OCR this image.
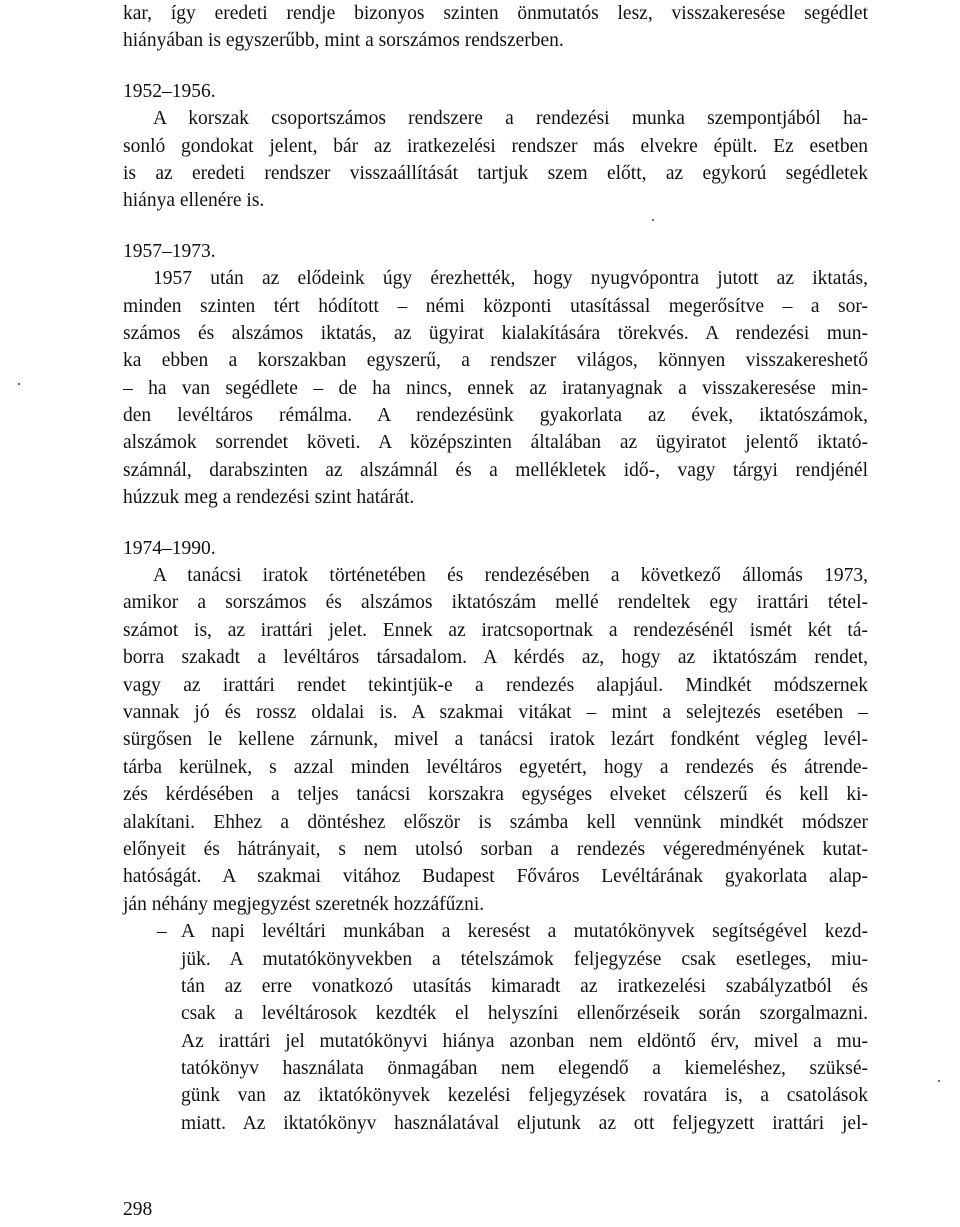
kar, így eredeti rendje bizonyos szinten önmutatós lesz, visszakeresése segédlet
hiányában is egyszerűbb, mint a sorszámos rendszerben.
1952–1956.
A korszak csoportszámos rendszere a rendezési munka szempontjából ha-
sonló gondokat jelent, bár az iratkezelési rendszer más elvekre épült. Ez esetben
is az eredeti rendszer visszaállítását tartjuk szem előtt, az egykorú segédletek
hiánya ellenére is.
1957–1973.
1957 után az elődeink úgy érezhették, hogy nyugvópontra jutott az iktatás,
minden szinten tért hódított – némi központi utasítással megerősítve – a sor-
számos és alszámos iktatás, az ügyirat kialakítására törekvés. A rendezési mun-
ka ebben a korszakban egyszerű, a rendszer világos, könnyen visszakereshető
– ha van segédlete – de ha nincs, ennek az iratanyagnak a visszakeresése min-
den levéltáros rémálma. A rendezésünk gyakorlata az évek, iktatószámok,
alszámok sorrendet követi. A középszinten általában az ügyiratot jelentő iktató-
számnál, darabszinten az alszámnál és a mellékletek idő-, vagy tárgyi rendjénél
húzzuk meg a rendezési szint határát.
1974–1990.
A tanácsi iratok történetében és rendezésében a következő állomás 1973,
amikor a sorszámos és alszámos iktatószám mellé rendeltek egy irattári tétel-
számot is, az irattári jelet. Ennek az iratcsoportnak a rendezésénél ismét két tá-
borra szakadt a levéltáros társadalom. A kérdés az, hogy az iktatószám rendet,
vagy az irattári rendet tekintjük-e a rendezés alapjául. Mindkét módszernek
vannak jó és rossz oldalai is. A szakmai vitákat – mint a selejtezés esetében –
sürgősen le kellene zárnunk, mivel a tanácsi iratok lezárt fondként végleg levél-
tárba kerülnek, s azzal minden levéltáros egyetért, hogy a rendezés és átrende-
zés kérdésében a teljes tanácsi korszakra egységes elveket célszerű és kell ki-
alakítani. Ehhez a döntéshez először is számba kell vennünk mindkét módszer
előnyeit és hátrányait, s nem utolsó sorban a rendezés végeredményének kutat-
hatóságát. A szakmai vitához Budapest Főváros Levéltárának gyakorlata alap-
ján néhány megjegyzést szeretnék hozzáfűzni.
– A napi levéltári munkában a keresést a mutatókönyvek segítségével kezd-
jük. A mutatókönyvekben a tételszámok feljegyzése csak esetleges, miu-
tán az erre vonatkozó utasítás kimaradt az iratkezelési szabályzatból és
csak a levéltárosok kezdték el helyszíni ellenőrzéseik során szorgalmazni.
Az irattári jel mutatókönyvi hiánya azonban nem eldöntő érv, mivel a mu-
tatókönyv használata önmagában nem elegendő a kiemeléshez, szüksé-
günk van az iktatókönyvek kezelési feljegyzések rovatára is, a csatolások
miatt. Az iktatókönyv használatával eljutunk az ott feljegyzett irattári jel-
298
